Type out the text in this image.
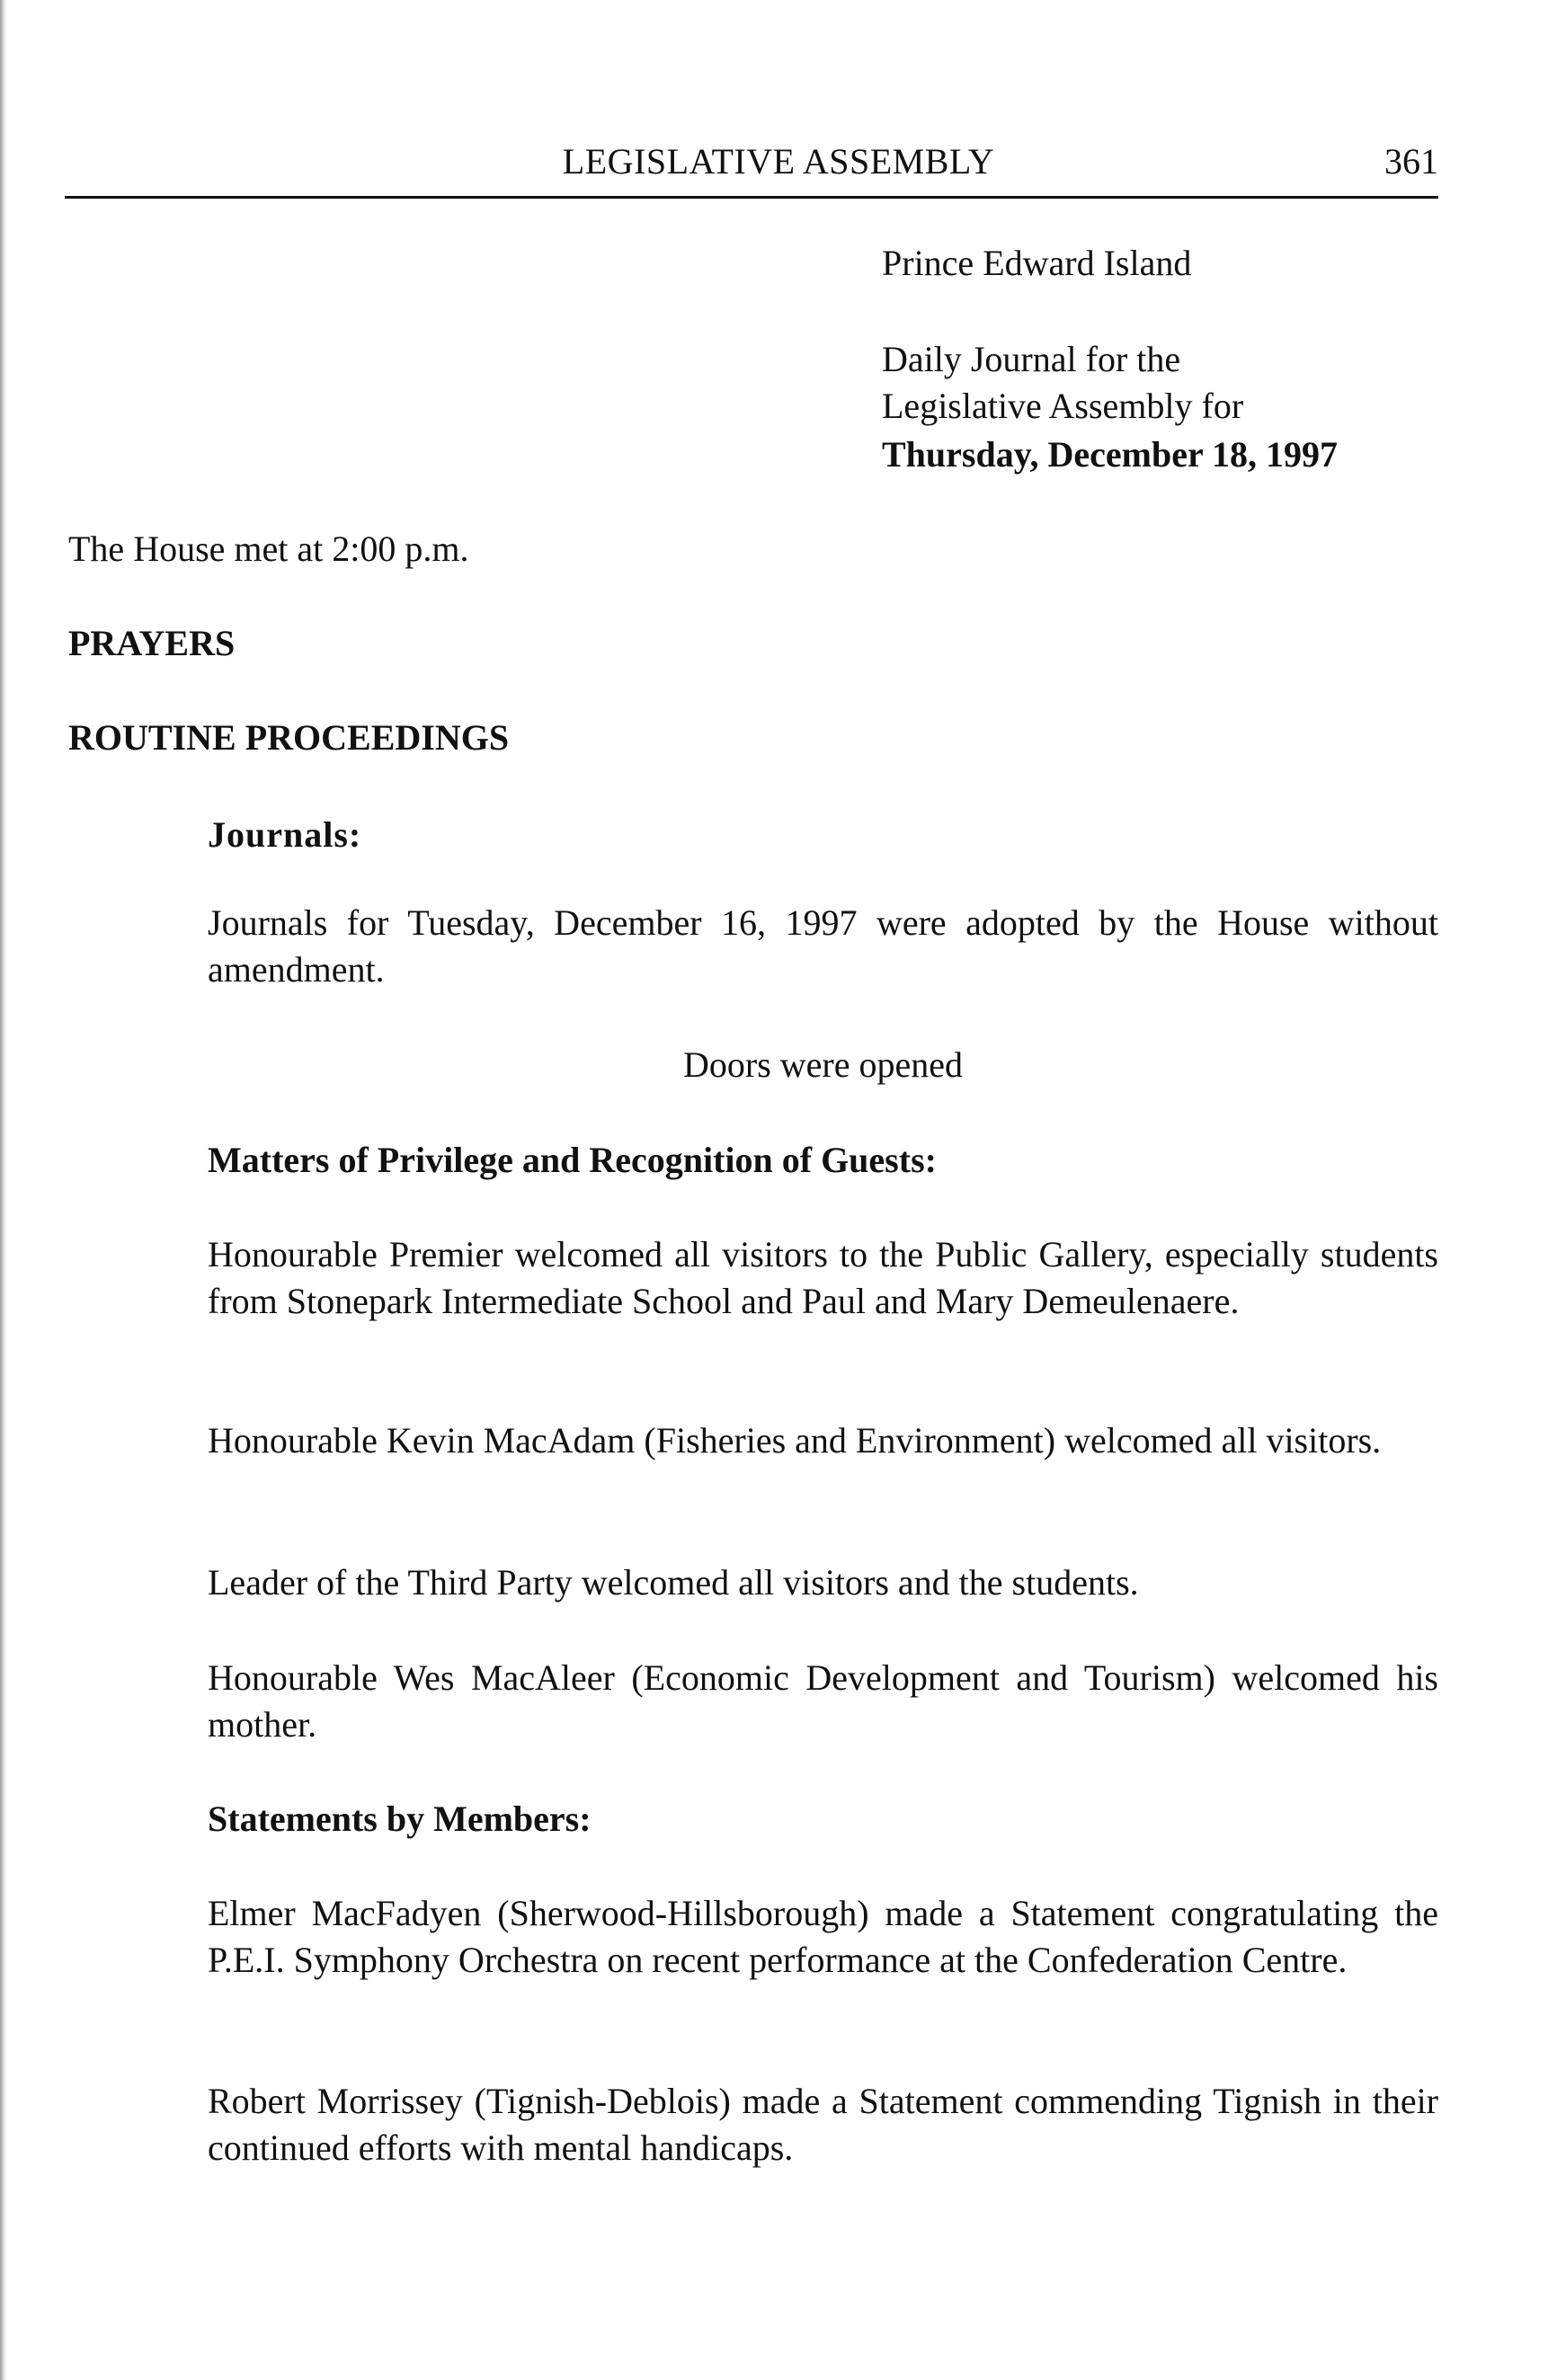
LEGISLATIVE ASSEMBLY	361

Prince Edward Island

Daily Journal for the

Legislative Assembly for

Thursday, December 18, 1997

The House met at 2:00 p.m.

PRAYERS

ROUTINE PROCEEDINGS

Journals:

Journals for Tuesday, December 16, 1997 were adopted by the House without amendment.

Doors were opened

Matters of Privilege and Recognition of Guests:

Honourable Premier welcomed all visitors to the Public Gallery, especially students from Stonepark Intermediate School and Paul and Mary Demeulenaere.

Honourable Kevin MacAdam (Fisheries and Environment) welcomed all visitors.

Leader of the Third Party welcomed all visitors and the students.

Honourable Wes MacAleer (Economic Development and Tourism) welcomed his mother.

Statements by Members:

Elmer MacFadyen (Sherwood-Hillsborough) made a Statement congratulating the P.E.I. Symphony Orchestra on recent performance at the Confederation Centre.

Robert Morrissey (Tignish-Deblois) made a Statement commending Tignish in their continued efforts with mental handicaps.
